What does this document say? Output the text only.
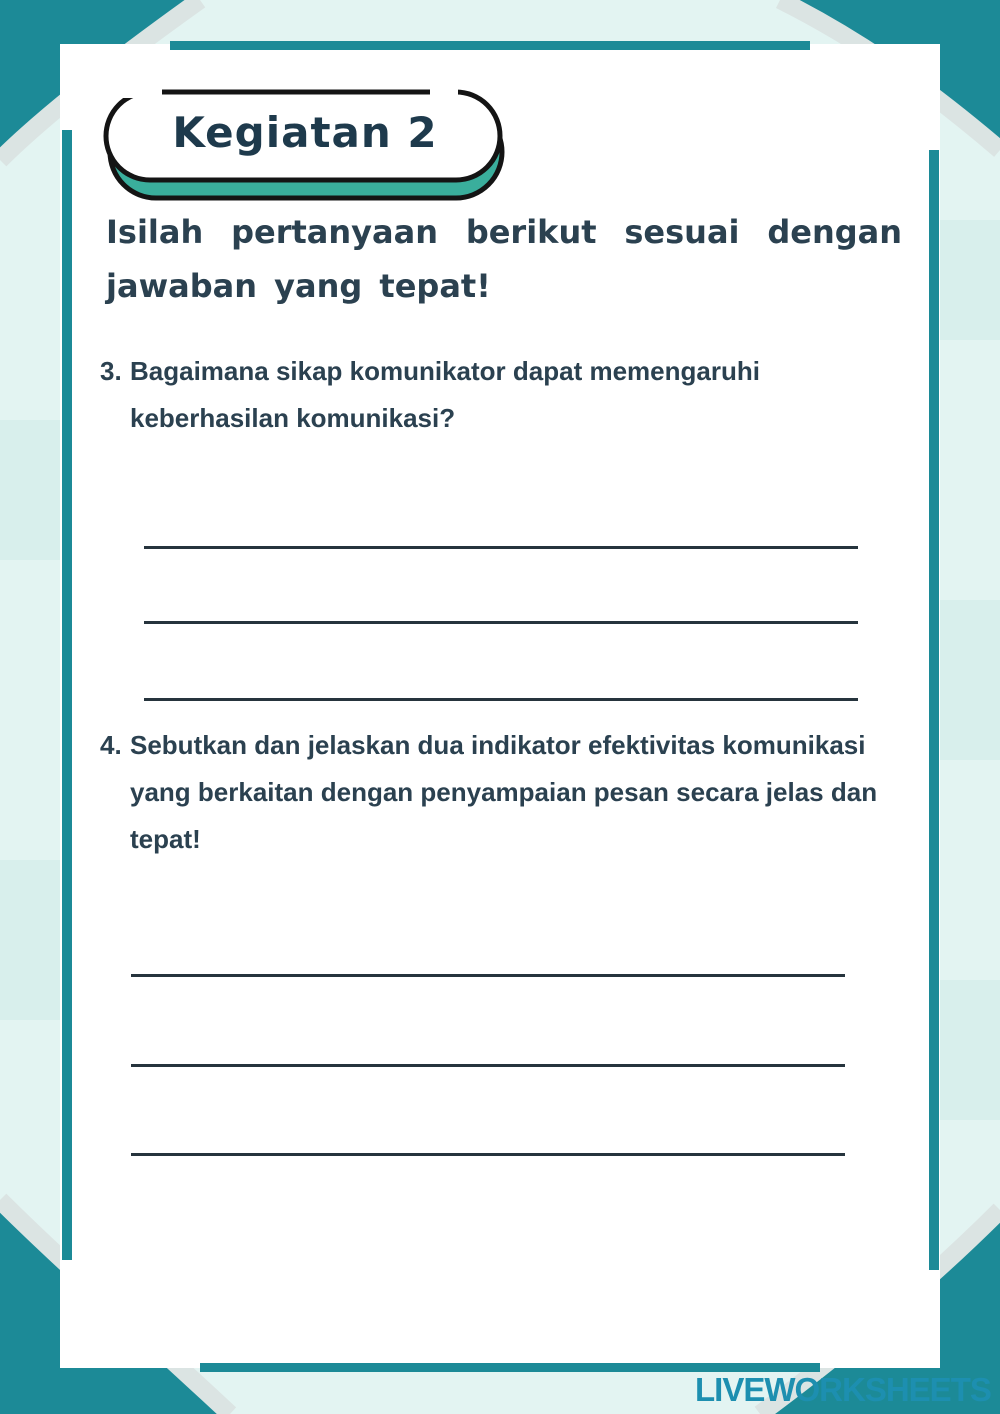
Kegiatan 2
Isilah pertanyaan berikut sesuai dengan jawaban yang tepat!
3. Bagaimana sikap komunikator dapat memengaruhi keberhasilan komunikasi?
4. Sebutkan dan jelaskan dua indikator efektivitas komunikasi yang berkaitan dengan penyampaian pesan secara jelas dan tepat!
LIVEWORKSHEETS
